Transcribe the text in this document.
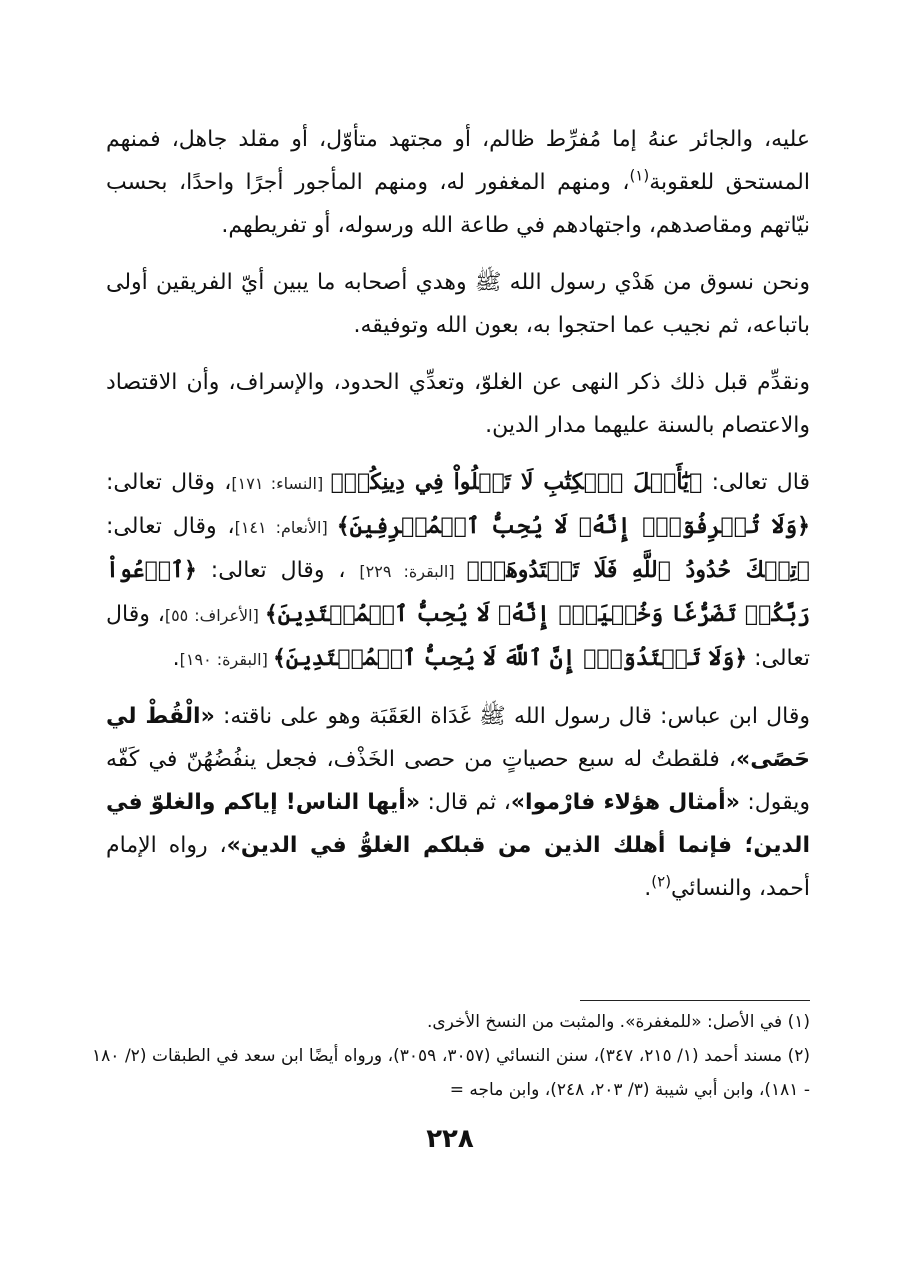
عليه، والجائر عنهُ إما مُفرِّط ظالم، أو مجتهد متأوّل، أو مقلد جاهل، فمنهم المستحق للعقوبة$^{(١)}$، ومنهم المغفور له، ومنهم المأجور أجرًا واحدًا، بحسب نيّاتهم ومقاصدهم، واجتهادهم في طاعة الله ورسوله، أو تفريطهم.

ونحن نسوق من هَدْي رسول الله ﷺ وهدي أصحابه ما يبين أيّ الفريقين أولى باتباعه، ثم نجيب عما احتجوا به، بعون الله وتوفيقه.

ونقدِّم قبل ذلك ذكر النهى عن الغلوّ، وتعدِّي الحدود، والإسراف، وأن الاقتصاد والاعتصام بالسنة عليهما مدار الدين.

قال تعالى: ﴿يَٰٓأَهۡلَ ٱلۡكِتَٰبِ لَا تَغۡلُواْ فِي دِينِكُمۡ﴾ [النساء: ١٧١]، وقال تعالى: ﴿وَلَا تُسۡرِفُوٓاْۚ إِنَّهُۥ لَا يُحِبُّ ٱلۡمُسۡرِفِينَ﴾ [الأنعام: ١٤١]، وقال تعالى: ﴿تِلۡكَ حُدُودُ ٱللَّهِ فَلَا تَعۡتَدُوهَاۚ﴾ [البقرة: ٢٢٩] ، وقال تعالى: ﴿ٱدۡعُواْ رَبَّكُمۡ تَضَرُّعٗا وَخُفۡيَةًۚ إِنَّهُۥ لَا يُحِبُّ ٱلۡمُعۡتَدِينَ﴾ [الأعراف: ٥٥]، وقال تعالى: ﴿وَلَا تَعۡتَدُوٓاْۚ إِنَّ ٱللَّهَ لَا يُحِبُّ ٱلۡمُعۡتَدِينَ﴾ [البقرة: ١٩٠].

وقال ابن عباس: قال رسول الله ﷺ غَدَاة العَقَبَة وهو على ناقته: «الْقُطْ لي حَصًى»، فلقطتُ له سبع حصياتٍ من حصى الخَذْف، فجعل ينفُضُهُنّ في كَفّه ويقول: «أمثال هؤلاء فارْموا»، ثم قال: «أيها الناس! إياكم والغلوّ في الدين؛ فإنما أهلك الذين من قبلكم الغلوُّ في الدين»، رواه الإمام أحمد، والنسائي$^{(٢)}$.

(١) في الأصل: «للمغفرة». والمثبت من النسخ الأخرى.

(٢) مسند أحمد (١/ ٢١٥، ٣٤٧)، سنن النسائي (٣٠٥٧، ٣٠٥٩)، ورواه أيضًا ابن سعد في الطبقات (٢/ ١٨٠ - ١٨١)، وابن أبي شيبة (٣/ ٢٠٣، ٢٤٨)، وابن ماجه =

٢٢٨
